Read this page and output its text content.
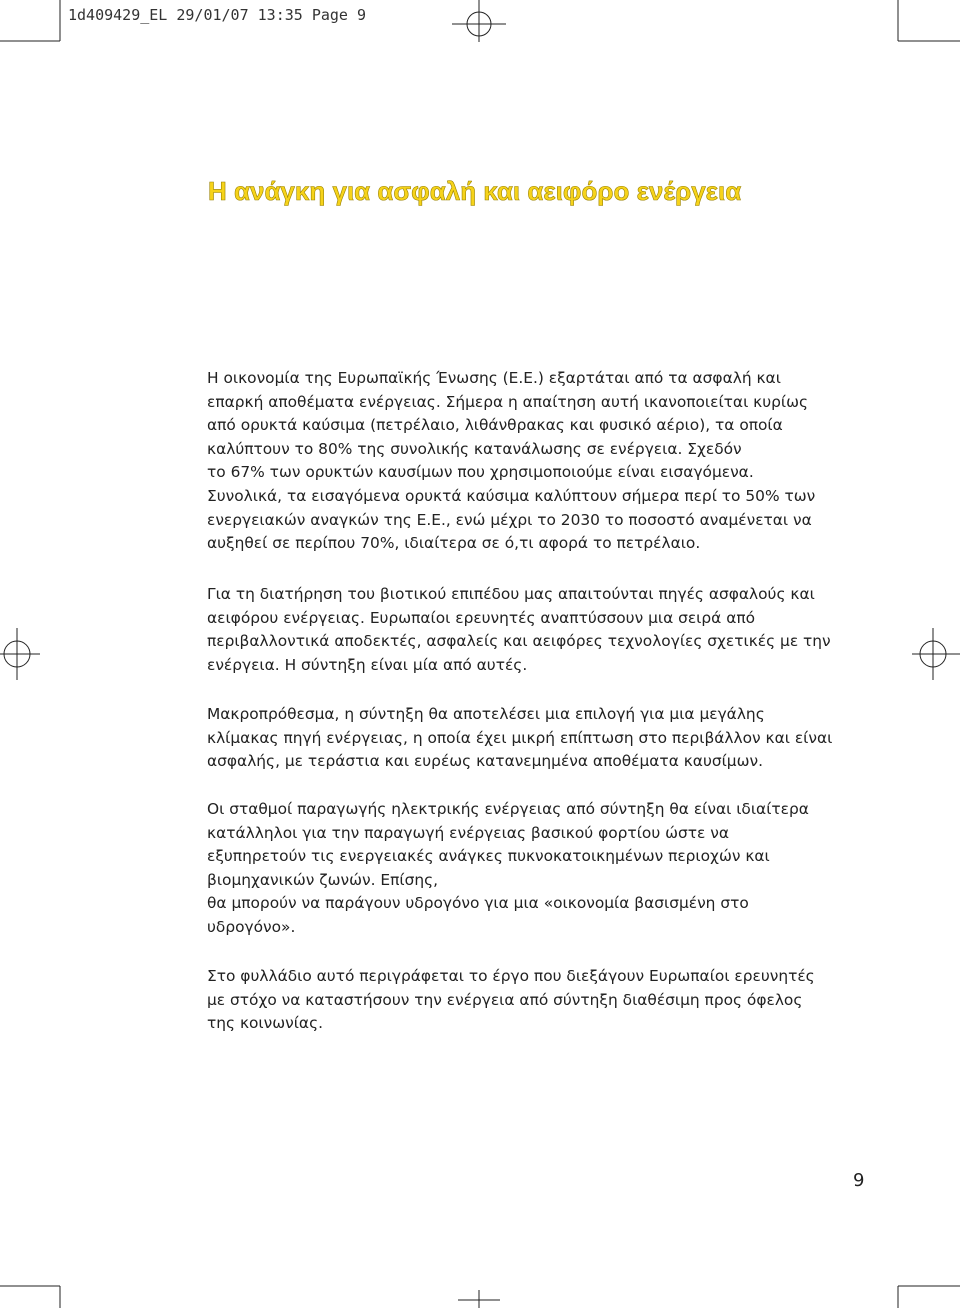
1d409429_EL 29/01/07 13:35 Page 9
Η ανάγκη για ασφαλή και αειφόρο ενέργεια
Η οικονομία της Ευρωπαϊκής Ένωσης (Ε.Ε.) εξαρτάται από τα ασφαλή και
επαρκή αποθέματα ενέργειας. Σήμερα η απαίτηση αυτή ικανοποιείται κυρίως
από ορυκτά καύσιμα (πετρέλαιο, λιθάνθρακας και φυσικό αέριο), τα οποία
καλύπτουν το 80% της συνολικής κατανάλωσης σε ενέργεια. Σχεδόν
το 67% των ορυκτών καυσίμων που χρησιμοποιούμε είναι εισαγόμενα.
Συνολικά, τα εισαγόμενα ορυκτά καύσιμα καλύπτουν σήμερα περί το 50% των
ενεργειακών αναγκών της Ε.Ε., ενώ μέχρι το 2030 το ποσοστό αναμένεται να
αυξηθεί σε περίπου 70%, ιδιαίτερα σε ό,τι αφορά το πετρέλαιο.
Για τη διατήρηση του βιοτικού επιπέδου μας απαιτούνται πηγές ασφαλούς και
αειφόρου ενέργειας. Ευρωπαίοι ερευνητές αναπτύσσουν μια σειρά από
περιβαλλοντικά αποδεκτές, ασφαλείς και αειφόρες τεχνολογίες σχετικές με την
ενέργεια. Η σύντηξη είναι μία από αυτές.
Μακροπρόθεσμα, η σύντηξη θα αποτελέσει μια επιλογή για μια μεγάλης
κλίμακας πηγή ενέργειας, η οποία έχει μικρή επίπτωση στο περιβάλλον και είναι
ασφαλής, με τεράστια και ευρέως κατανεμημένα αποθέματα καυσίμων.
Οι σταθμοί παραγωγής ηλεκτρικής ενέργειας από σύντηξη θα είναι ιδιαίτερα
κατάλληλοι για την παραγωγή ενέργειας βασικού φορτίου ώστε να
εξυπηρετούν τις ενεργειακές ανάγκες πυκνοκατοικημένων περιοχών και
βιομηχανικών ζωνών. Επίσης,
θα μπορούν να παράγουν υδρογόνο για μια «οικονομία βασισμένη στο
υδρογόνο».
Στο φυλλάδιο αυτό περιγράφεται το έργο που διεξάγουν Ευρωπαίοι ερευνητές
με στόχο να καταστήσουν την ενέργεια από σύντηξη διαθέσιμη προς όφελος
της κοινωνίας.
9
